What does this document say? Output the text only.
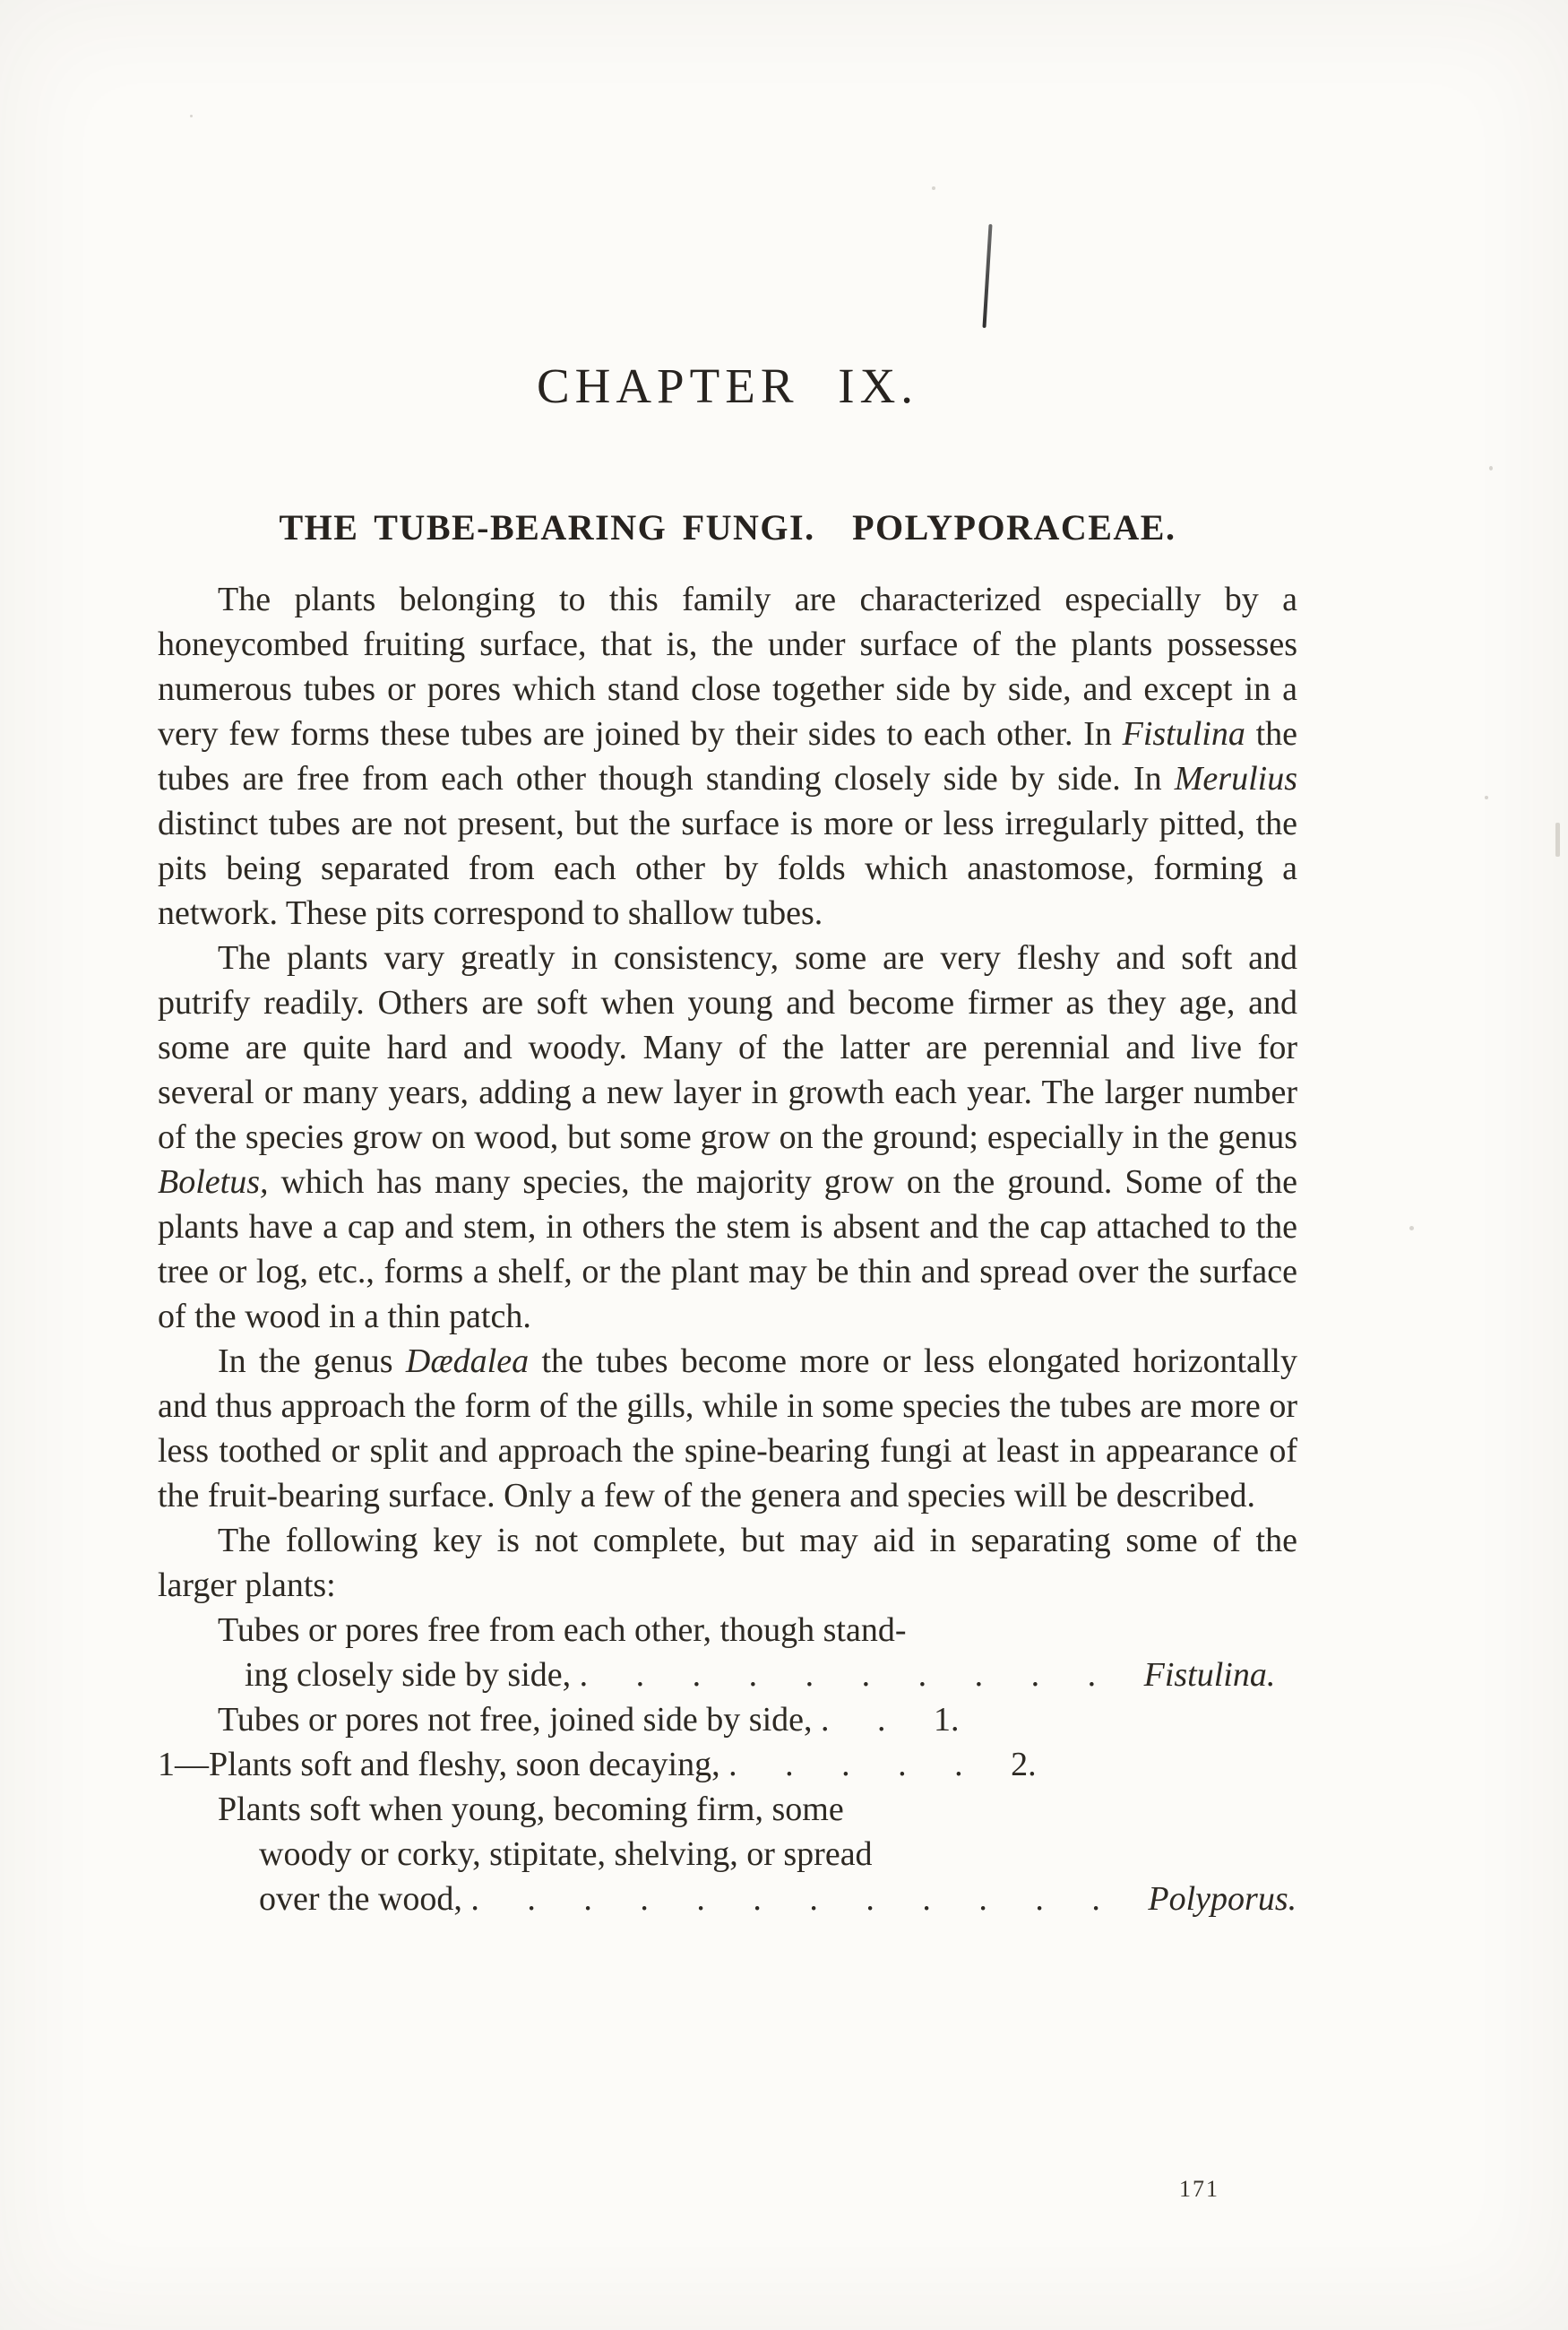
CHAPTER IX.
THE TUBE-BEARING FUNGI. POLYPORACEAE.

The plants belonging to this family are characterized especially by a honeycombed fruiting surface, that is, the under surface of the plants possesses numerous tubes or pores which stand close together side by side, and except in a very few forms these tubes are joined by their sides to each other. In Fistulina the tubes are free from each other though standing closely side by side. In Merulius distinct tubes are not present, but the surface is more or less irregularly pitted, the pits being separated from each other by folds which anastomose, forming a network. These pits correspond to shallow tubes.

The plants vary greatly in consistency, some are very fleshy and soft and putrify readily. Others are soft when young and become firmer as they age, and some are quite hard and woody. Many of the latter are perennial and live for several or many years, adding a new layer in growth each year. The larger number of the species grow on wood, but some grow on the ground; especially in the genus Boletus, which has many species, the majority grow on the ground. Some of the plants have a cap and stem, in others the stem is absent and the cap attached to the tree or log, etc., forms a shelf, or the plant may be thin and spread over the surface of the wood in a thin patch.

In the genus Dædalea the tubes become more or less elongated horizontally and thus approach the form of the gills, while in some species the tubes are more or less toothed or split and approach the spine-bearing fungi at least in appearance of the fruit-bearing surface. Only a few of the genera and species will be described.

The following key is not complete, but may aid in separating some of the larger plants:

Tubes or pores free from each other, though stand-
ing closely side by side, . . . . . . . . . . Fistulina.
Tubes or pores not free, joined side by side, . . 1.
1—Plants soft and fleshy, soon decaying, . . . . . 2.
Plants soft when young, becoming firm, some
woody or corky, stipitate, shelving, or spread
over the wood, . . . . . . . . . . . . Polyporus.
171
